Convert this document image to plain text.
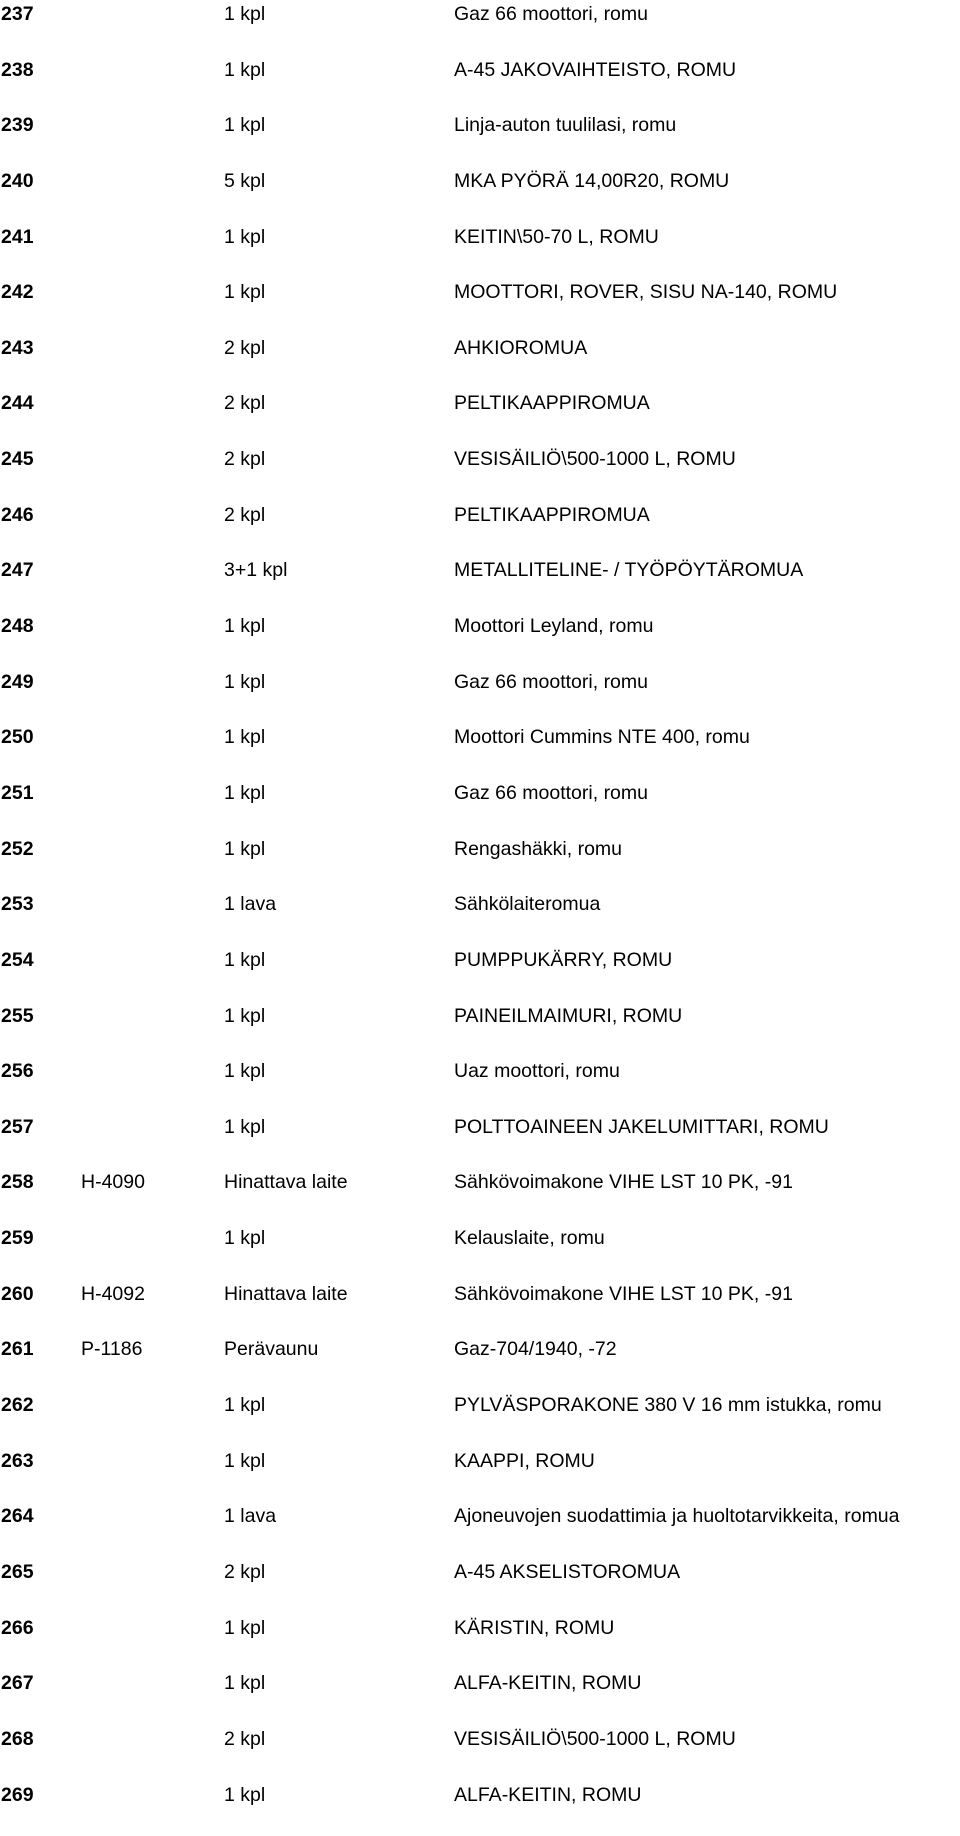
237	1 kpl	Gaz 66 moottori, romu
238	1 kpl	A-45 JAKOVAIHTEISTO, ROMU
239	1 kpl	Linja-auton tuulilasi, romu
240	5 kpl	MKA PYÖRÄ 14,00R20, ROMU
241	1 kpl	KEITIN\50-70 L, ROMU
242	1 kpl	MOOTTORI, ROVER, SISU NA-140, ROMU
243	2 kpl	AHKIOROMUA
244	2 kpl	PELTIKAAPPIROMUA
245	2 kpl	VESISÄILIÖ\500-1000 L, ROMU
246	2 kpl	PELTIKAAPPIROMUA
247	3+1 kpl	METALLITELINE- / TYÖPÖYTÄROMUA
248	1 kpl	Moottori Leyland, romu
249	1 kpl	Gaz 66 moottori, romu
250	1 kpl	Moottori Cummins NTE 400, romu
251	1 kpl	Gaz 66 moottori, romu
252	1 kpl	Rengashäkki, romu
253	1 lava	Sähkölaiteromua
254	1 kpl	PUMPPUKÄRRY, ROMU
255	1 kpl	PAINEILMAIMURI, ROMU
256	1 kpl	Uaz moottori, romu
257	1 kpl	POLTTOAINEEN JAKELUMITTARI, ROMU
258 H-4090	Hinattava laite	Sähkövoimakone VIHE LST 10 PK, -91
259	1 kpl	Kelauslaite, romu
260 H-4092	Hinattava laite	Sähkövoimakone VIHE LST 10 PK, -91
261 P-1186	Perävaunu	Gaz-704/1940, -72
262	1 kpl	PYLVÄSPORAKONE 380 V 16 mm istukka, romu
263	1 kpl	KAAPPI, ROMU
264	1 lava	Ajoneuvojen suodattimia ja huoltotarvikkeita, romua
265	2 kpl	A-45 AKSELISTOROMUA
266	1 kpl	KÄRISTIN, ROMU
267	1 kpl	ALFA-KEITIN, ROMU
268	2 kpl	VESISÄILIÖ\500-1000 L, ROMU
269	1 kpl	ALFA-KEITIN, ROMU
